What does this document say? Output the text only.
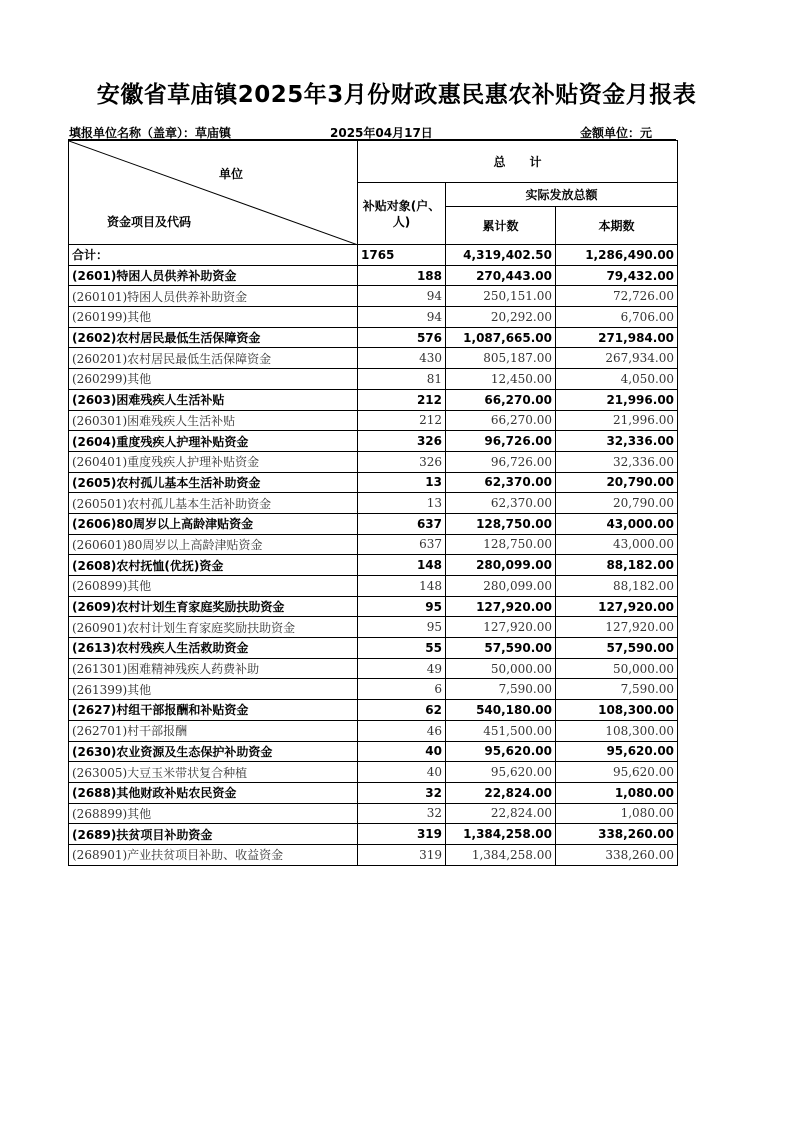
安徽省草庙镇2025年3月份财政惠民惠农补贴资金月报表
填报单位名称（盖章）：草庙镇	2025年04月17日	金额单位：元
单位
资金项目及代码	总　　计		
	补贴对象(户、人)	实际发放总额	
		累计数	本期数
合计：	1765	4,319,402.50	1,286,490.00
(2601)特困人员供养补助资金	188	270,443.00	79,432.00
(260101)特困人员供养补助资金	94	250,151.00	72,726.00
(260199)其他	94	20,292.00	6,706.00
(2602)农村居民最低生活保障资金	576	1,087,665.00	271,984.00
(260201)农村居民最低生活保障资金	430	805,187.00	267,934.00
(260299)其他	81	12,450.00	4,050.00
(2603)困难残疾人生活补贴	212	66,270.00	21,996.00
(260301)困难残疾人生活补贴	212	66,270.00	21,996.00
(2604)重度残疾人护理补贴资金	326	96,726.00	32,336.00
(260401)重度残疾人护理补贴资金	326	96,726.00	32,336.00
(2605)农村孤儿基本生活补助资金	13	62,370.00	20,790.00
(260501)农村孤儿基本生活补助资金	13	62,370.00	20,790.00
(2606)80周岁以上高龄津贴资金	637	128,750.00	43,000.00
(260601)80周岁以上高龄津贴资金	637	128,750.00	43,000.00
(2608)农村抚恤(优抚)资金	148	280,099.00	88,182.00
(260899)其他	148	280,099.00	88,182.00
(2609)农村计划生育家庭奖励扶助资金	95	127,920.00	127,920.00
(260901)农村计划生育家庭奖励扶助资金	95	127,920.00	127,920.00
(2613)农村残疾人生活救助资金	55	57,590.00	57,590.00
(261301)困难精神残疾人药费补助	49	50,000.00	50,000.00
(261399)其他	6	7,590.00	7,590.00
(2627)村组干部报酬和补贴资金	62	540,180.00	108,300.00
(262701)村干部报酬	46	451,500.00	108,300.00
(2630)农业资源及生态保护补助资金	40	95,620.00	95,620.00
(263005)大豆玉米带状复合种植	40	95,620.00	95,620.00
(2688)其他财政补贴农民资金	32	22,824.00	1,080.00
(268899)其他	32	22,824.00	1,080.00
(2689)扶贫项目补助资金	319	1,384,258.00	338,260.00
(268901)产业扶贫项目补助、收益资金	319	1,384,258.00	338,260.00
